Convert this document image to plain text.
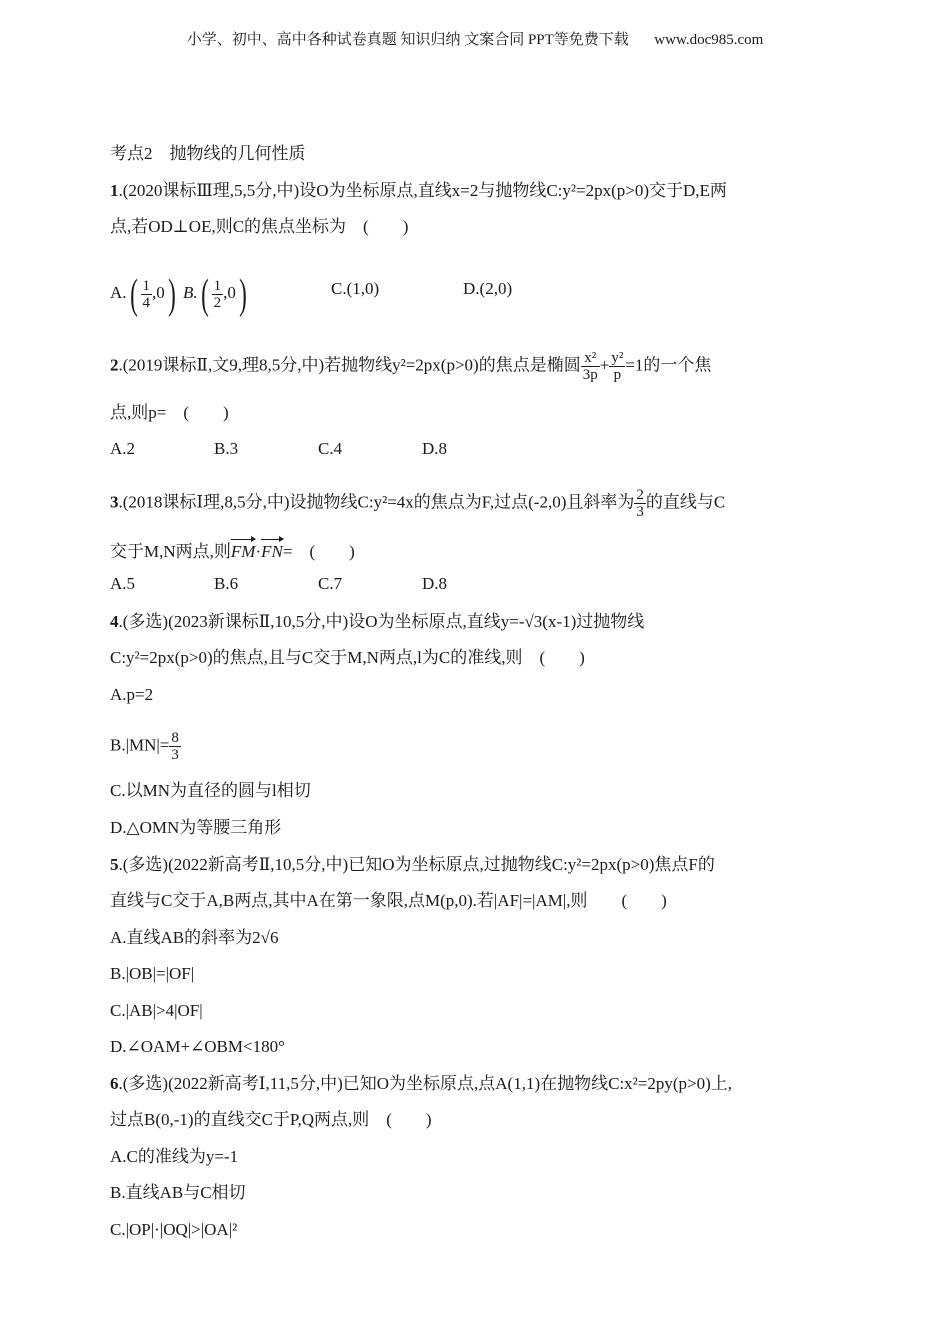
小学、初中、高中各种试卷真题 知识归纳 文案合同 PPT等免费下载 www.doc985.com
考点2　抛物线的几何性质
1.(2020课标Ⅲ理,5,5分,中)设O为坐标原点,直线x=2与抛物线C:y²=2px(p>0)交于D,E两
点,若OD⊥OE,则C的焦点坐标为　(　　)
$A.( \frac{1}{4} ,0)$ $B.( \frac{1}{2} ,0)$	C.(1,0)	D.(2,0)
2.(2019课标Ⅱ,文9,理8,5分,中)若抛物线y²=2px(p>0)的焦点是椭圆 $\frac{\text{x²}}{3p} + \frac{\text{y²}}{p} =1$的一个焦
点,则p=　(　　)
A.2	B.3	C.4	D.8
3.(2018课标Ⅰ理,8,5分,中)设抛物线C:y²=4x的焦点为F,过点(-2,0)且斜率为 $\frac{2}{3}$ 的直线与C
交于M,N两点,则FM·FN=　(　　)
A.5	B.6	C.7	D.8
4.(多选)(2023新课标Ⅱ,10,5分,中)设O为坐标原点,直线y=-√3(x-1)过抛物线
C:y²=2px(p>0)的焦点,且与C交于M,N两点,l为C的准线,则　(　　)
A.p=2
$B.|MN|= \frac{8}{3}$
C.以MN为直径的圆与l相切
D.△OMN为等腰三角形
5.(多选)(2022新高考Ⅱ,10,5分,中)已知O为坐标原点,过抛物线C:y²=2px(p>0)焦点F的
直线与C交于A,B两点,其中A在第一象限,点M(p,0).若|AF|=|AM|,则　　(　　)
A.直线AB的斜率为2√6
B.|OB|=|OF|
C.|AB|>4|OF|
D.∠OAM+∠OBM<180°
6.(多选)(2022新高考Ⅰ,11,5分,中)已知O为坐标原点,点A(1,1)在抛物线C:x²=2py(p>0)上,
过点B(0,-1)的直线交C于P,Q两点,则　(　　)
A.C的准线为y=-1
B.直线AB与C相切
C.|OP|·|OQ|>|OA|²
